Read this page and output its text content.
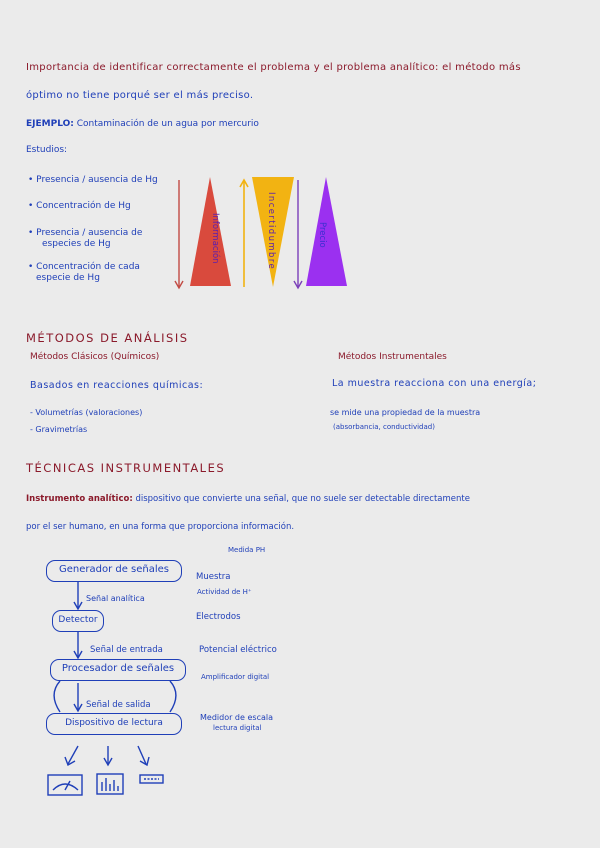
Importancia de identificar correctamente el problema y el problema analítico: el método más
óptimo no tiene porqué ser el más preciso.
EJEMPLO: Contaminación de un agua por mercurio
Estudios:
• Presencia / ausencia de Hg
• Concentración de Hg
• Presencia / ausencia de
especies de Hg
• Concentración de cada
especie de Hg
Información	Incertidumbre	Precio
MÉTODOS DE ANÁLISIS
Métodos Clásicos (Químicos)	Métodos Instrumentales
Basados en reacciones químicas:	La muestra reacciona con una energía;
- Volumetrías (valoraciones)
- Gravimetrías
se mide una propiedad de la muestra
(absorbancia, conductividad)
TÉCNICAS INSTRUMENTALES
Instrumento analítico: dispositivo que convierte una señal, que no suele ser detectable directamente
por el ser humano, en una forma que proporciona información.
Generador de señales
Detector
Procesador de señales
Dispositivo de lectura
Señal analítica
Señal de entrada
Señal de salida
Medida PH
Muestra
Actividad de H⁺
Electrodos
Potencial eléctrico
Amplificador digital
Medidor de escala
lectura digital
